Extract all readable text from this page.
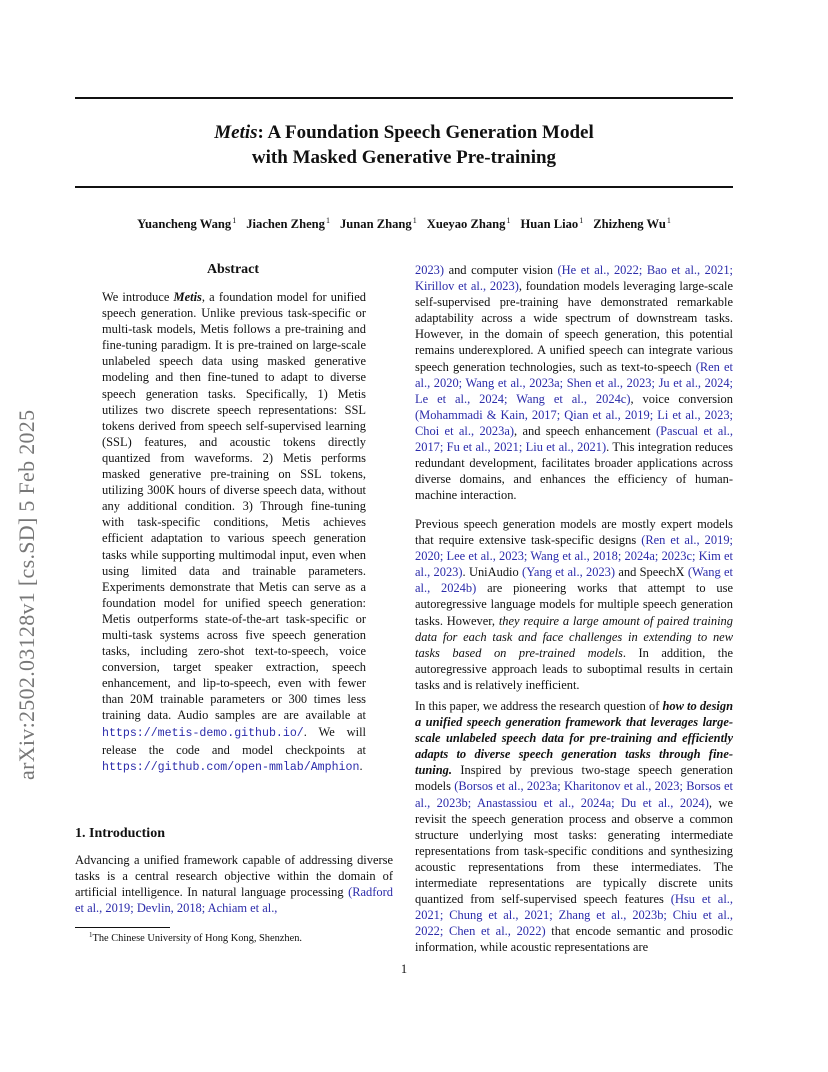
Metis: A Foundation Speech Generation Model
with Masked Generative Pre-training
Yuancheng Wang$^1$ Jiachen Zheng$^1$ Junan Zhang$^1$ Xueyao Zhang$^1$ Huan Liao$^1$ Zhizheng Wu$^1$
arXiv:2502.03128v1 [cs.SD] 5 Feb 2025
Abstract
We introduce Metis, a foundation model for unified speech generation. Unlike previous task-specific or multi-task models, Metis follows a pre-training and fine-tuning paradigm. It is pre-trained on large-scale unlabeled speech data using masked generative modeling and then fine-tuned to adapt to diverse speech generation tasks. Specifically, 1) Metis utilizes two discrete speech representations: SSL tokens derived from speech self-supervised learning (SSL) features, and acoustic tokens directly quantized from waveforms. 2) Metis performs masked generative pre-training on SSL tokens, utilizing 300K hours of diverse speech data, without any additional condition. 3) Through fine-tuning with task-specific conditions, Metis achieves efficient adaptation to various speech generation tasks while supporting multimodal input, even when using limited data and trainable parameters. Experiments demonstrate that Metis can serve as a foundation model for unified speech generation: Metis outperforms state-of-the-art task-specific or multi-task systems across five speech generation tasks, including zero-shot text-to-speech, voice conversion, target speaker extraction, speech enhancement, and lip-to-speech, even with fewer than 20M trainable parameters or 300 times less training data. Audio samples are are available at https://metis-demo.github.io/. We will release the code and model checkpoints at https://github.com/open-mmlab/Amphion.
1. Introduction
Advancing a unified framework capable of addressing diverse tasks is a central research objective within the domain of artificial intelligence. In natural language processing (Radford et al., 2019; Devlin, 2018; Achiam et al.,
$^1$The Chinese University of Hong Kong, Shenzhen.
2023) and computer vision (He et al., 2022; Bao et al., 2021; Kirillov et al., 2023), foundation models leveraging large-scale self-supervised pre-training have demonstrated remarkable adaptability across a wide spectrum of downstream tasks. However, in the domain of speech generation, this potential remains underexplored. A unified speech can integrate various speech generation technologies, such as text-to-speech (Ren et al., 2020; Wang et al., 2023a; Shen et al., 2023; Ju et al., 2024; Le et al., 2024; Wang et al., 2024c), voice conversion (Mohammadi & Kain, 2017; Qian et al., 2019; Li et al., 2023; Choi et al., 2023a), and speech enhancement (Pascual et al., 2017; Fu et al., 2021; Liu et al., 2021). This integration reduces redundant development, facilitates broader applications across diverse domains, and enhances the efficiency of human-machine interaction.
Previous speech generation models are mostly expert models that require extensive task-specific designs (Ren et al., 2019; 2020; Lee et al., 2023; Wang et al., 2018; 2024a; 2023c; Kim et al., 2023). UniAudio (Yang et al., 2023) and SpeechX (Wang et al., 2024b) are pioneering works that attempt to use autoregressive language models for multiple speech generation tasks. However, they require a large amount of paired training data for each task and face challenges in extending to new tasks based on pre-trained models. In addition, the autoregressive approach leads to suboptimal results in certain tasks and is relatively inefficient.
In this paper, we address the research question of how to design a unified speech generation framework that leverages large-scale unlabeled speech data for pre-training and efficiently adapts to diverse speech generation tasks through fine-tuning. Inspired by previous two-stage speech generation models (Borsos et al., 2023a; Kharitonov et al., 2023; Borsos et al., 2023b; Anastassiou et al., 2024a; Du et al., 2024), we revisit the speech generation process and observe a common structure underlying most tasks: generating intermediate representations from task-specific conditions and synthesizing acoustic representations from these intermediates. The intermediate representations are typically discrete units quantized from self-supervised speech features (Hsu et al., 2021; Chung et al., 2021; Zhang et al., 2023b; Chiu et al., 2022; Chen et al., 2022) that encode semantic and prosodic information, while acoustic representations are
1
